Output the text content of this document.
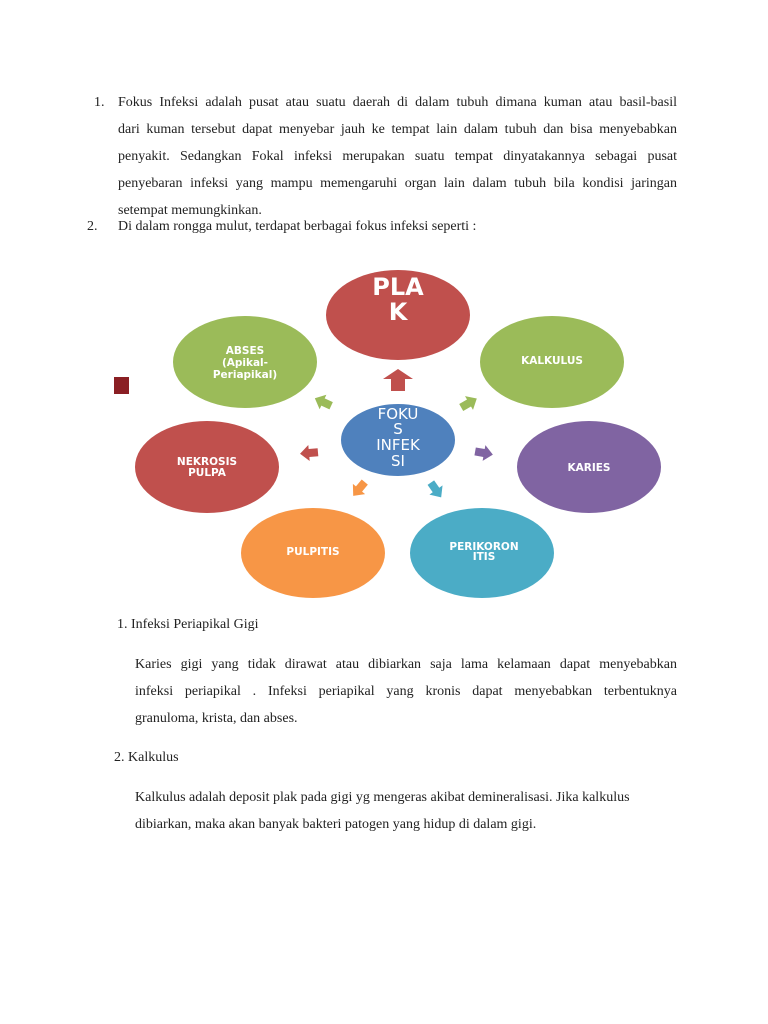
1. Fokus Infeksi adalah pusat atau suatu daerah di dalam tubuh dimana kuman atau basil-basil
dari kuman tersebut dapat menyebar jauh ke tempat lain dalam tubuh dan bisa menyebabkan
penyakit. Sedangkan Fokal infeksi merupakan suatu tempat dinyatakannya sebagai pusat
penyebaran infeksi yang mampu memengaruhi organ lain dalam tubuh bila kondisi jaringan
setempat memungkinkan.
2. Di dalam rongga mulut, terdapat berbagai fokus infeksi seperti :
PLA
K
ABSES
(Apikal-
Periapikal)
KALKULUS
NEKROSIS
PULPA	KARIES
PULPITIS	PERIKORON
ITIS
FOKU
S
INFEK
SI
1. Infeksi Periapikal Gigi
Karies gigi yang tidak dirawat atau dibiarkan saja lama kelamaan dapat menyebabkan
infeksi periapikal . Infeksi periapikal yang kronis dapat menyebabkan terbentuknya
granuloma, krista, dan abses.
2. Kalkulus
Kalkulus adalah deposit plak pada gigi yg mengeras akibat demineralisasi. Jika kalkulus
dibiarkan, maka akan banyak bakteri patogen yang hidup di dalam gigi.
